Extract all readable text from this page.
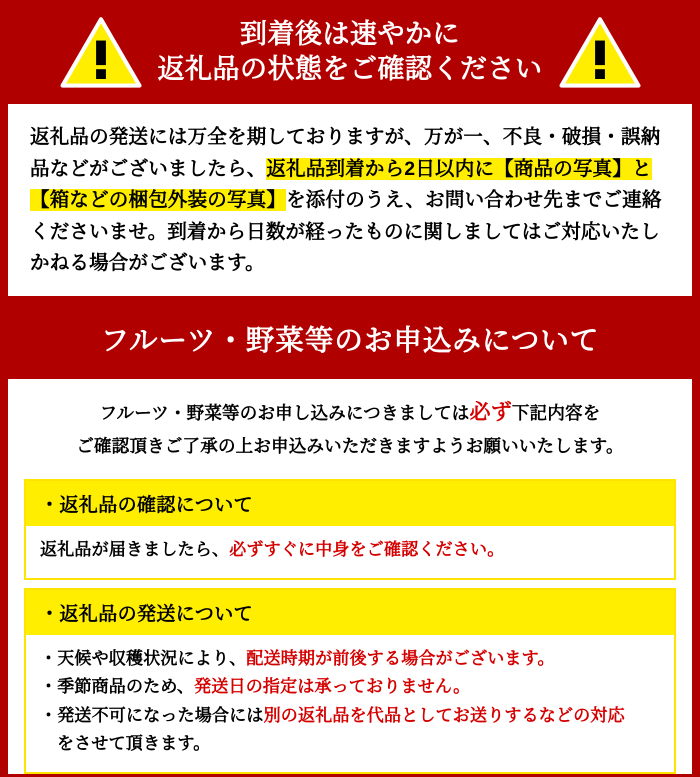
到着後は速やかに
返礼品の状態をご確認ください
返礼品の発送には万全を期しておりますが、万が一、不良・破損・誤納品などがございましたら、返礼品到着から2日以内に【商品の写真】と【箱などの梱包外装の写真】を添付のうえ、お問い合わせ先までご連絡くださいませ。到着から日数が経ったものに関しましてはご対応いたしかねる場合がございます。
フルーツ・野菜等のお申込みについて
フルーツ・野菜等のお申し込みにつきましては必ず下記内容を
ご確認頂きご了承の上お申込みいただきますようお願いいたします。
・返礼品の確認について
返礼品が届きましたら、必ずすぐに中身をご確認ください。
・返礼品の発送について
・天候や収穫状況により、配送時期が前後する場合がございます。
・季節商品のため、発送日の指定は承っておりません。
・発送不可になった場合には別の返礼品を代品としてお送りするなどの対応
をさせて頂きます。
